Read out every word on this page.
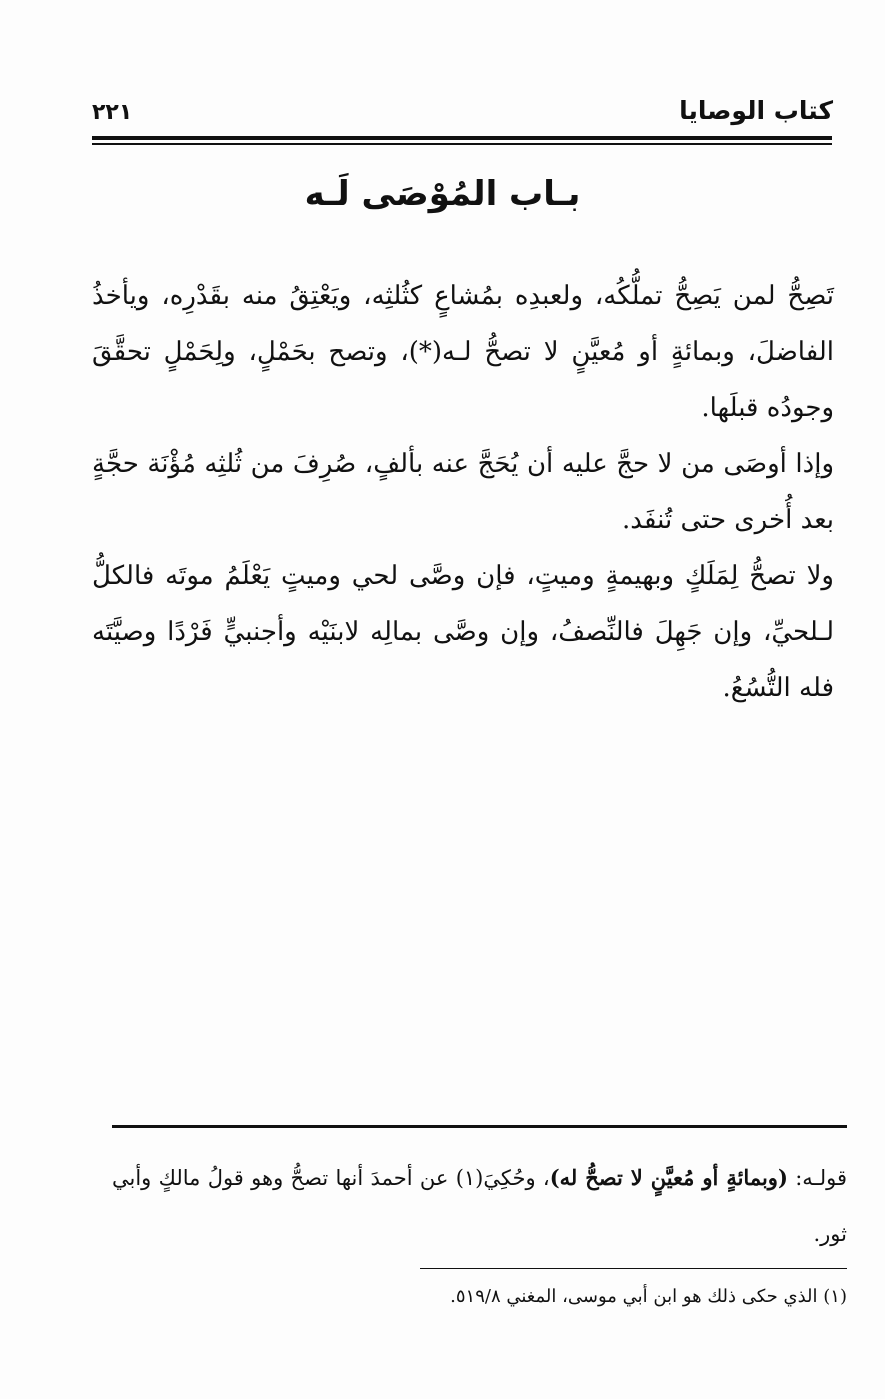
كتاب الوصايا
٢٢١
بـاب المُوْصَى لَـه

تَصِحُّ لمن يَصِحُّ تملُّكُه، ولعبدِه بمُشاعٍ كثُلثِه، ويَعْتِقُ منه بقَدْرِه، ويأخذُ الفاضلَ، وبمائةٍ أو مُعيَّنٍ لا تصحُّ لـه(*)، وتصح بحَمْلٍ، ولِحَمْلٍ تحقَّقَ وجودُه قبلَها.

وإذا أوصَى من لا حجَّ عليه أن يُحَجَّ عنه بألفٍ، صُرِفَ من ثُلثِه مُؤْنَة حجَّةٍ بعد أُخرى حتى تُنفَد.

ولا تصحُّ لِمَلَكٍ وبهيمةٍ وميتٍ، فإن وصَّى لحي وميتٍ يَعْلَمُ موتَه فالكلُّ لـلحيِّ، وإن جَهِلَ فالنِّصفُ، وإن وصَّى بمالِه لابنَيْه وأجنبيٍّ فَرْدًا وصيَّتَه فله التُّسُعُ.

قولـه: (وبمائةٍ أو مُعيَّنٍ لا تصحُّ له)، وحُكِيَ(١) عن أحمدَ أنها تصحُّ وهو قولُ مالكٍ وأبي ثور.
(١) الذي حكى ذلك هو ابن أبي موسى، المغني ٥١٩/٨.
